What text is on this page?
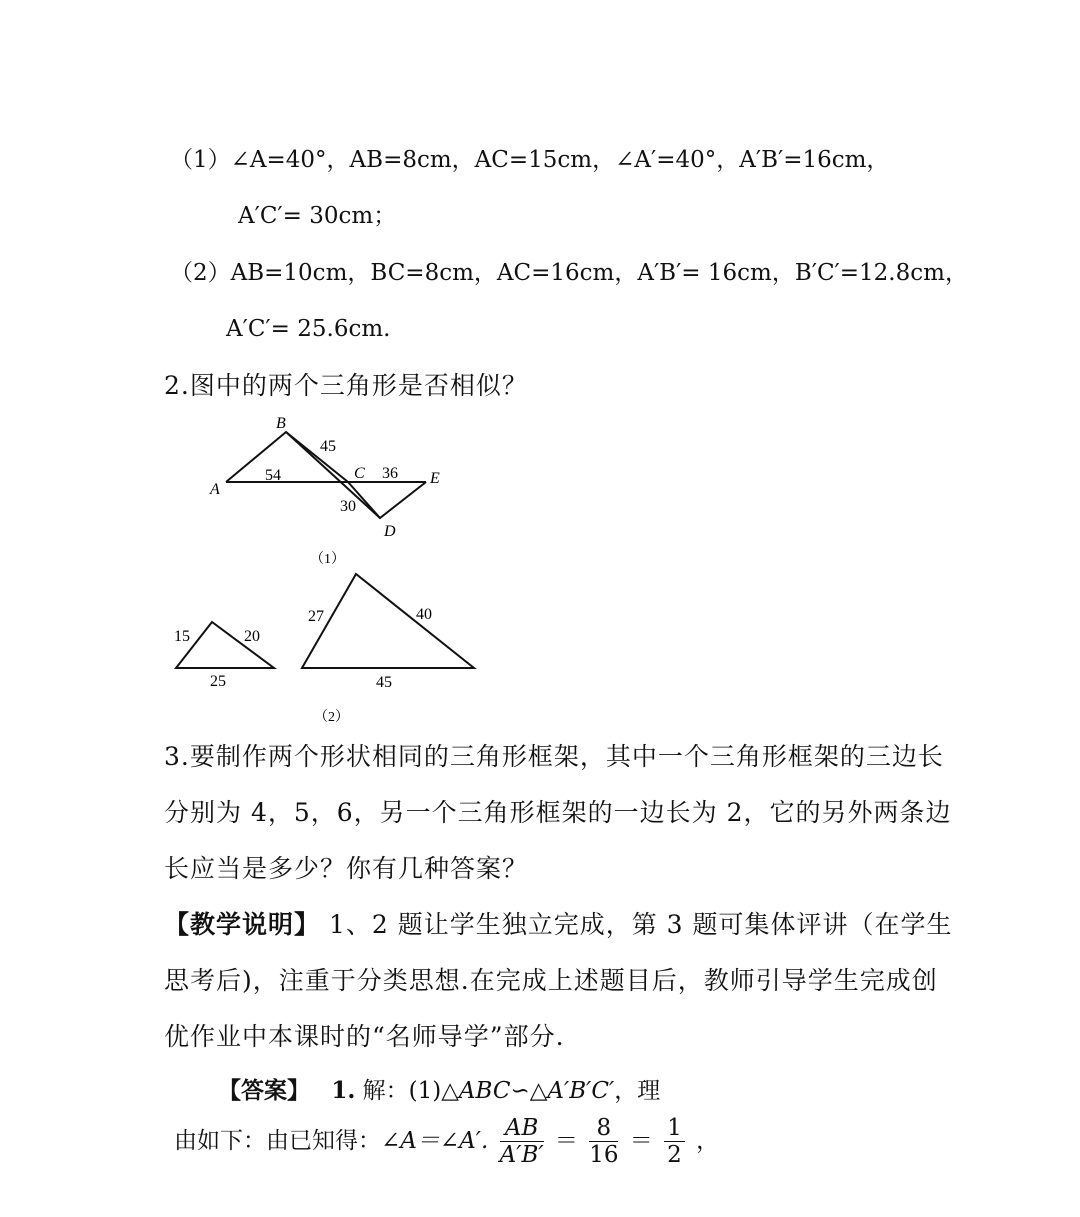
（1）∠A=40°，AB=8cm，AC=15cm，∠A′=40°，A′B′=16cm，
A′C′= 30cm；
（2）AB=10cm，BC=8cm，AC=16cm，A′B′= 16cm，B′C′=12.8cm，
A′C′= 25.6cm.
2.图中的两个三角形是否相似？
B
A
C	E
D
45
54	36
30
（1）
15	20
25
27	40
45
（2）
3.要制作两个形状相同的三角形框架，其中一个三角形框架的三边长
分别为 4，5，6，另一个三角形框架的一边长为 2，它的另外两条边
长应当是多少？你有几种答案？
【教学说明】 1、2 题让学生独立完成，第 3 题可集体评讲（在学生
思考后)，注重于分类思想.在完成上述题目后，教师引导学生完成创
优作业中本课时的“名师导学”部分.
【答案】 1. 解：(1)△ABC∽△A′B′C′，理
由如下：由已知得：∠A＝∠A′. $\frac{AB}{A'B'} = \frac{8}{16} = \frac{1}{2}$ ，
